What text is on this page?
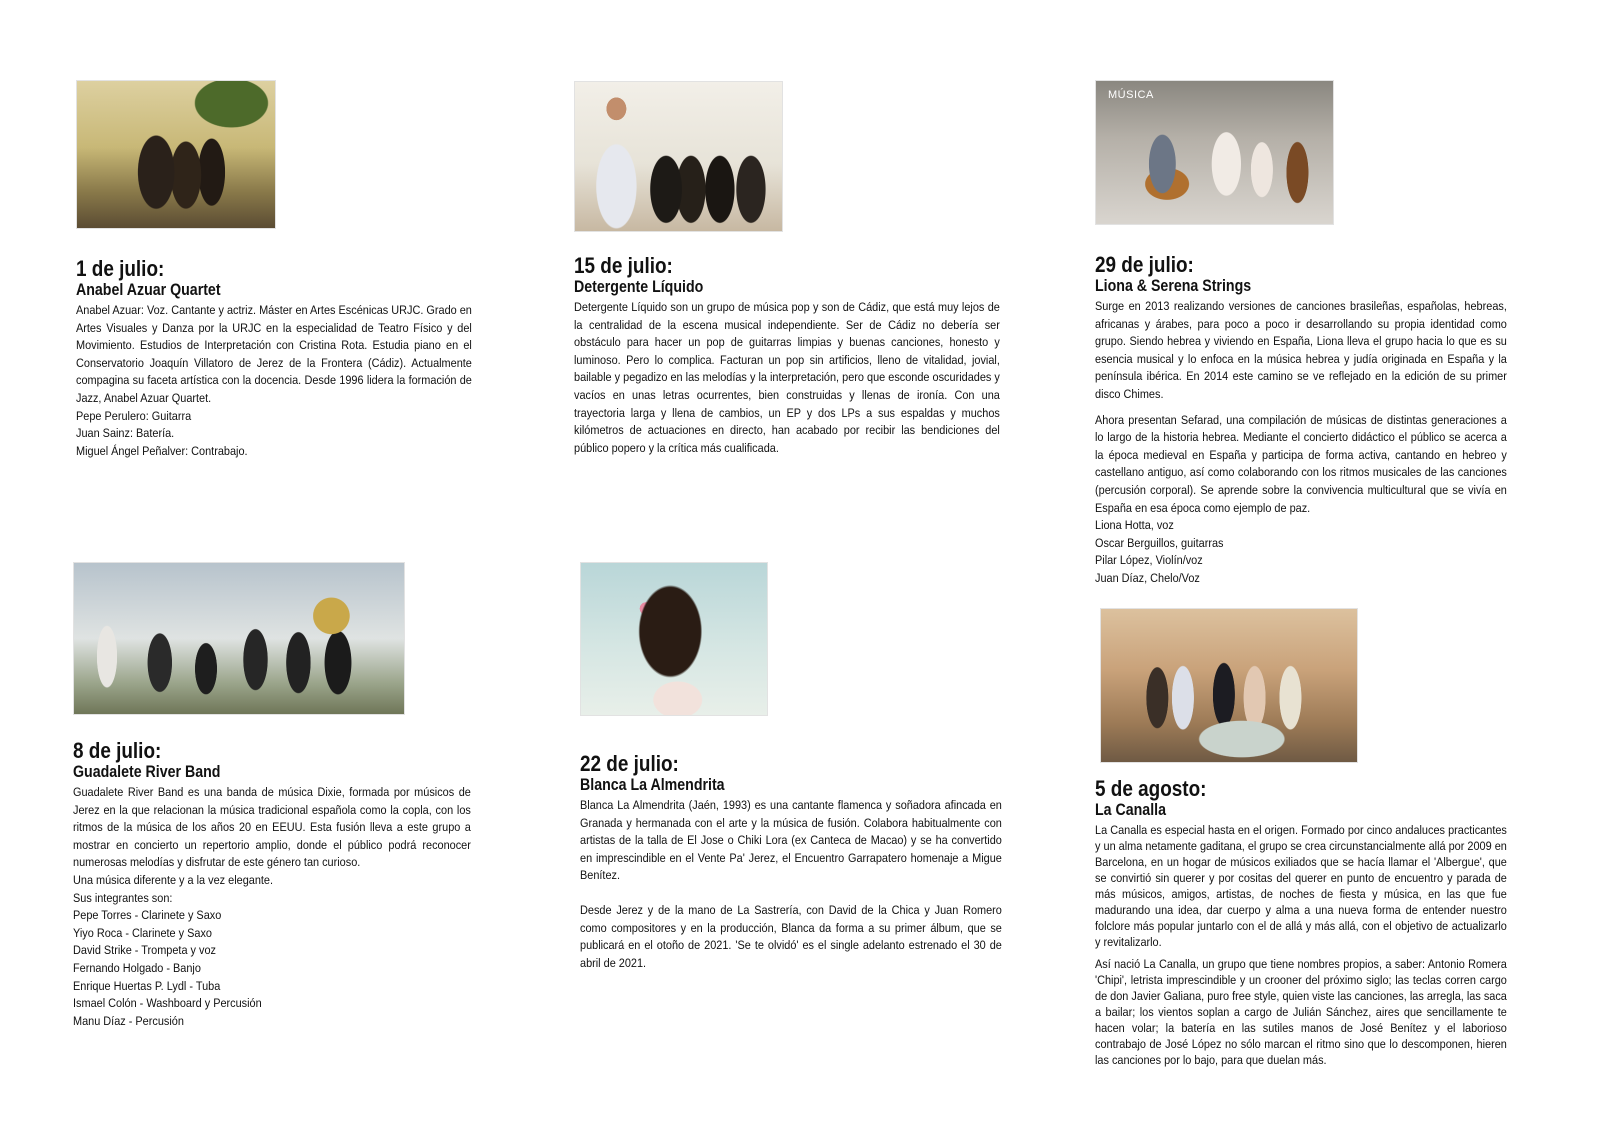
1 de julio:
Anabel Azuar Quartet

Anabel Azuar: Voz. Cantante y actriz. Máster en Artes Escénicas URJC. Grado en Artes Visuales y Danza por la URJC en la especialidad de Teatro Físico y del Movimiento. Estudios de Interpretación con Cristina Rota. Estudia piano en el Conservatorio Joaquín Villatoro de Jerez de la Frontera (Cádiz). Actualmente compagina su faceta artística con la docencia. Desde 1996 lidera la formación de Jazz, Anabel Azuar Quartet.

Pepe Perulero: Guitarra

Juan Sainz: Batería.

Miguel Ángel Peñalver: Contrabajo.

15 de julio:
Detergente Líquido

Detergente Líquido son un grupo de música pop y son de Cádiz, que está muy lejos de la centralidad de la escena musical independiente. Ser de Cádiz no debería ser obstáculo para hacer un pop de guitarras limpias y buenas canciones, honesto y luminoso. Pero lo complica. Facturan un pop sin artificios, lleno de vitalidad, jovial, bailable y pegadizo en las melodías y la interpretación, pero que esconde oscuridades y vacíos en unas letras ocurrentes, bien construidas y llenas de ironía. Con una trayectoria larga y llena de cambios, un EP y dos LPs a sus espaldas y muchos kilómetros de actuaciones en directo, han acabado por recibir las bendiciones del público popero y la crítica más cualificada.

MÚSICA
29 de julio:
Liona & Serena Strings

Surge en 2013 realizando versiones de canciones brasileñas, españolas, hebreas, africanas y árabes, para poco a poco ir desarrollando su propia identidad como grupo. Siendo hebrea y viviendo en España, Liona lleva el grupo hacia lo que es su esencia musical y lo enfoca en la música hebrea y judía originada en España y la península ibérica. En 2014 este camino se ve reflejado en la edición de su primer disco Chimes.

Ahora presentan Sefarad, una compilación de músicas de distintas generaciones a lo largo de la historia hebrea. Mediante el concierto didáctico el público se acerca a la época medieval en España y participa de forma activa, cantando en hebreo y castellano antiguo, así como colaborando con los ritmos musicales de las canciones (percusión corporal). Se aprende sobre la convivencia multicultural que se vivía en España en esa época como ejemplo de paz.

Liona Hotta, voz

Oscar Berguillos, guitarras

Pilar López, Violín/voz

Juan Díaz, Chelo/Voz

8 de julio:
Guadalete River Band

Guadalete River Band es una banda de música Dixie, formada por músicos de Jerez en la que relacionan la música tradicional española como la copla, con los ritmos de la música de los años 20 en EEUU. Esta fusión lleva a este grupo a mostrar en concierto un repertorio amplio, donde el público podrá reconocer numerosas melodías y disfrutar de este género tan curioso.

Una música diferente y a la vez elegante.

Sus integrantes son:

Pepe Torres - Clarinete y Saxo

Yiyo Roca - Clarinete y Saxo

David Strike - Trompeta y voz

Fernando Holgado - Banjo

Enrique Huertas P. Lydl - Tuba

Ismael Colón - Washboard y Percusión

Manu Díaz - Percusión

22 de julio:
Blanca La Almendrita

Blanca La Almendrita (Jaén, 1993) es una cantante flamenca y soñadora afincada en Granada y hermanada con el arte y la música de fusión. Colabora habitualmente con artistas de la talla de El Jose o Chiki Lora (ex Canteca de Macao) y se ha convertido en imprescindible en el Vente Pa' Jerez, el Encuentro Garrapatero homenaje a Migue Benítez.

Desde Jerez y de la mano de La Sastrería, con David de la Chica y Juan Romero como compositores y en la producción, Blanca da forma a su primer álbum, que se publicará en el otoño de 2021. 'Se te olvidó' es el single adelanto estrenado el 30 de abril de 2021.

5 de agosto:
La Canalla

La Canalla es especial hasta en el origen. Formado por cinco andaluces practicantes y un alma netamente gaditana, el grupo se crea circunstancialmente allá por 2009 en Barcelona, en un hogar de músicos exiliados que se hacía llamar el 'Albergue', que se convirtió sin querer y por cositas del querer en punto de encuentro y parada de más músicos, amigos, artistas, de noches de fiesta y música, en las que fue madurando una idea, dar cuerpo y alma a una nueva forma de entender nuestro folclore más popular juntarlo con el de allá y más allá, con el objetivo de actualizarlo y revitalizarlo.

Así nació La Canalla, un grupo que tiene nombres propios, a saber: Antonio Romera 'Chipi', letrista imprescindible y un crooner del próximo siglo; las teclas corren cargo de don Javier Galiana, puro free style, quien viste las canciones, las arregla, las saca a bailar; los vientos soplan a cargo de Julián Sánchez, aires que sencillamente te hacen volar; la batería en las sutiles manos de José Benítez y el laborioso contrabajo de José López no sólo marcan el ritmo sino que lo descomponen, hieren las canciones por lo bajo, para que duelan más.
